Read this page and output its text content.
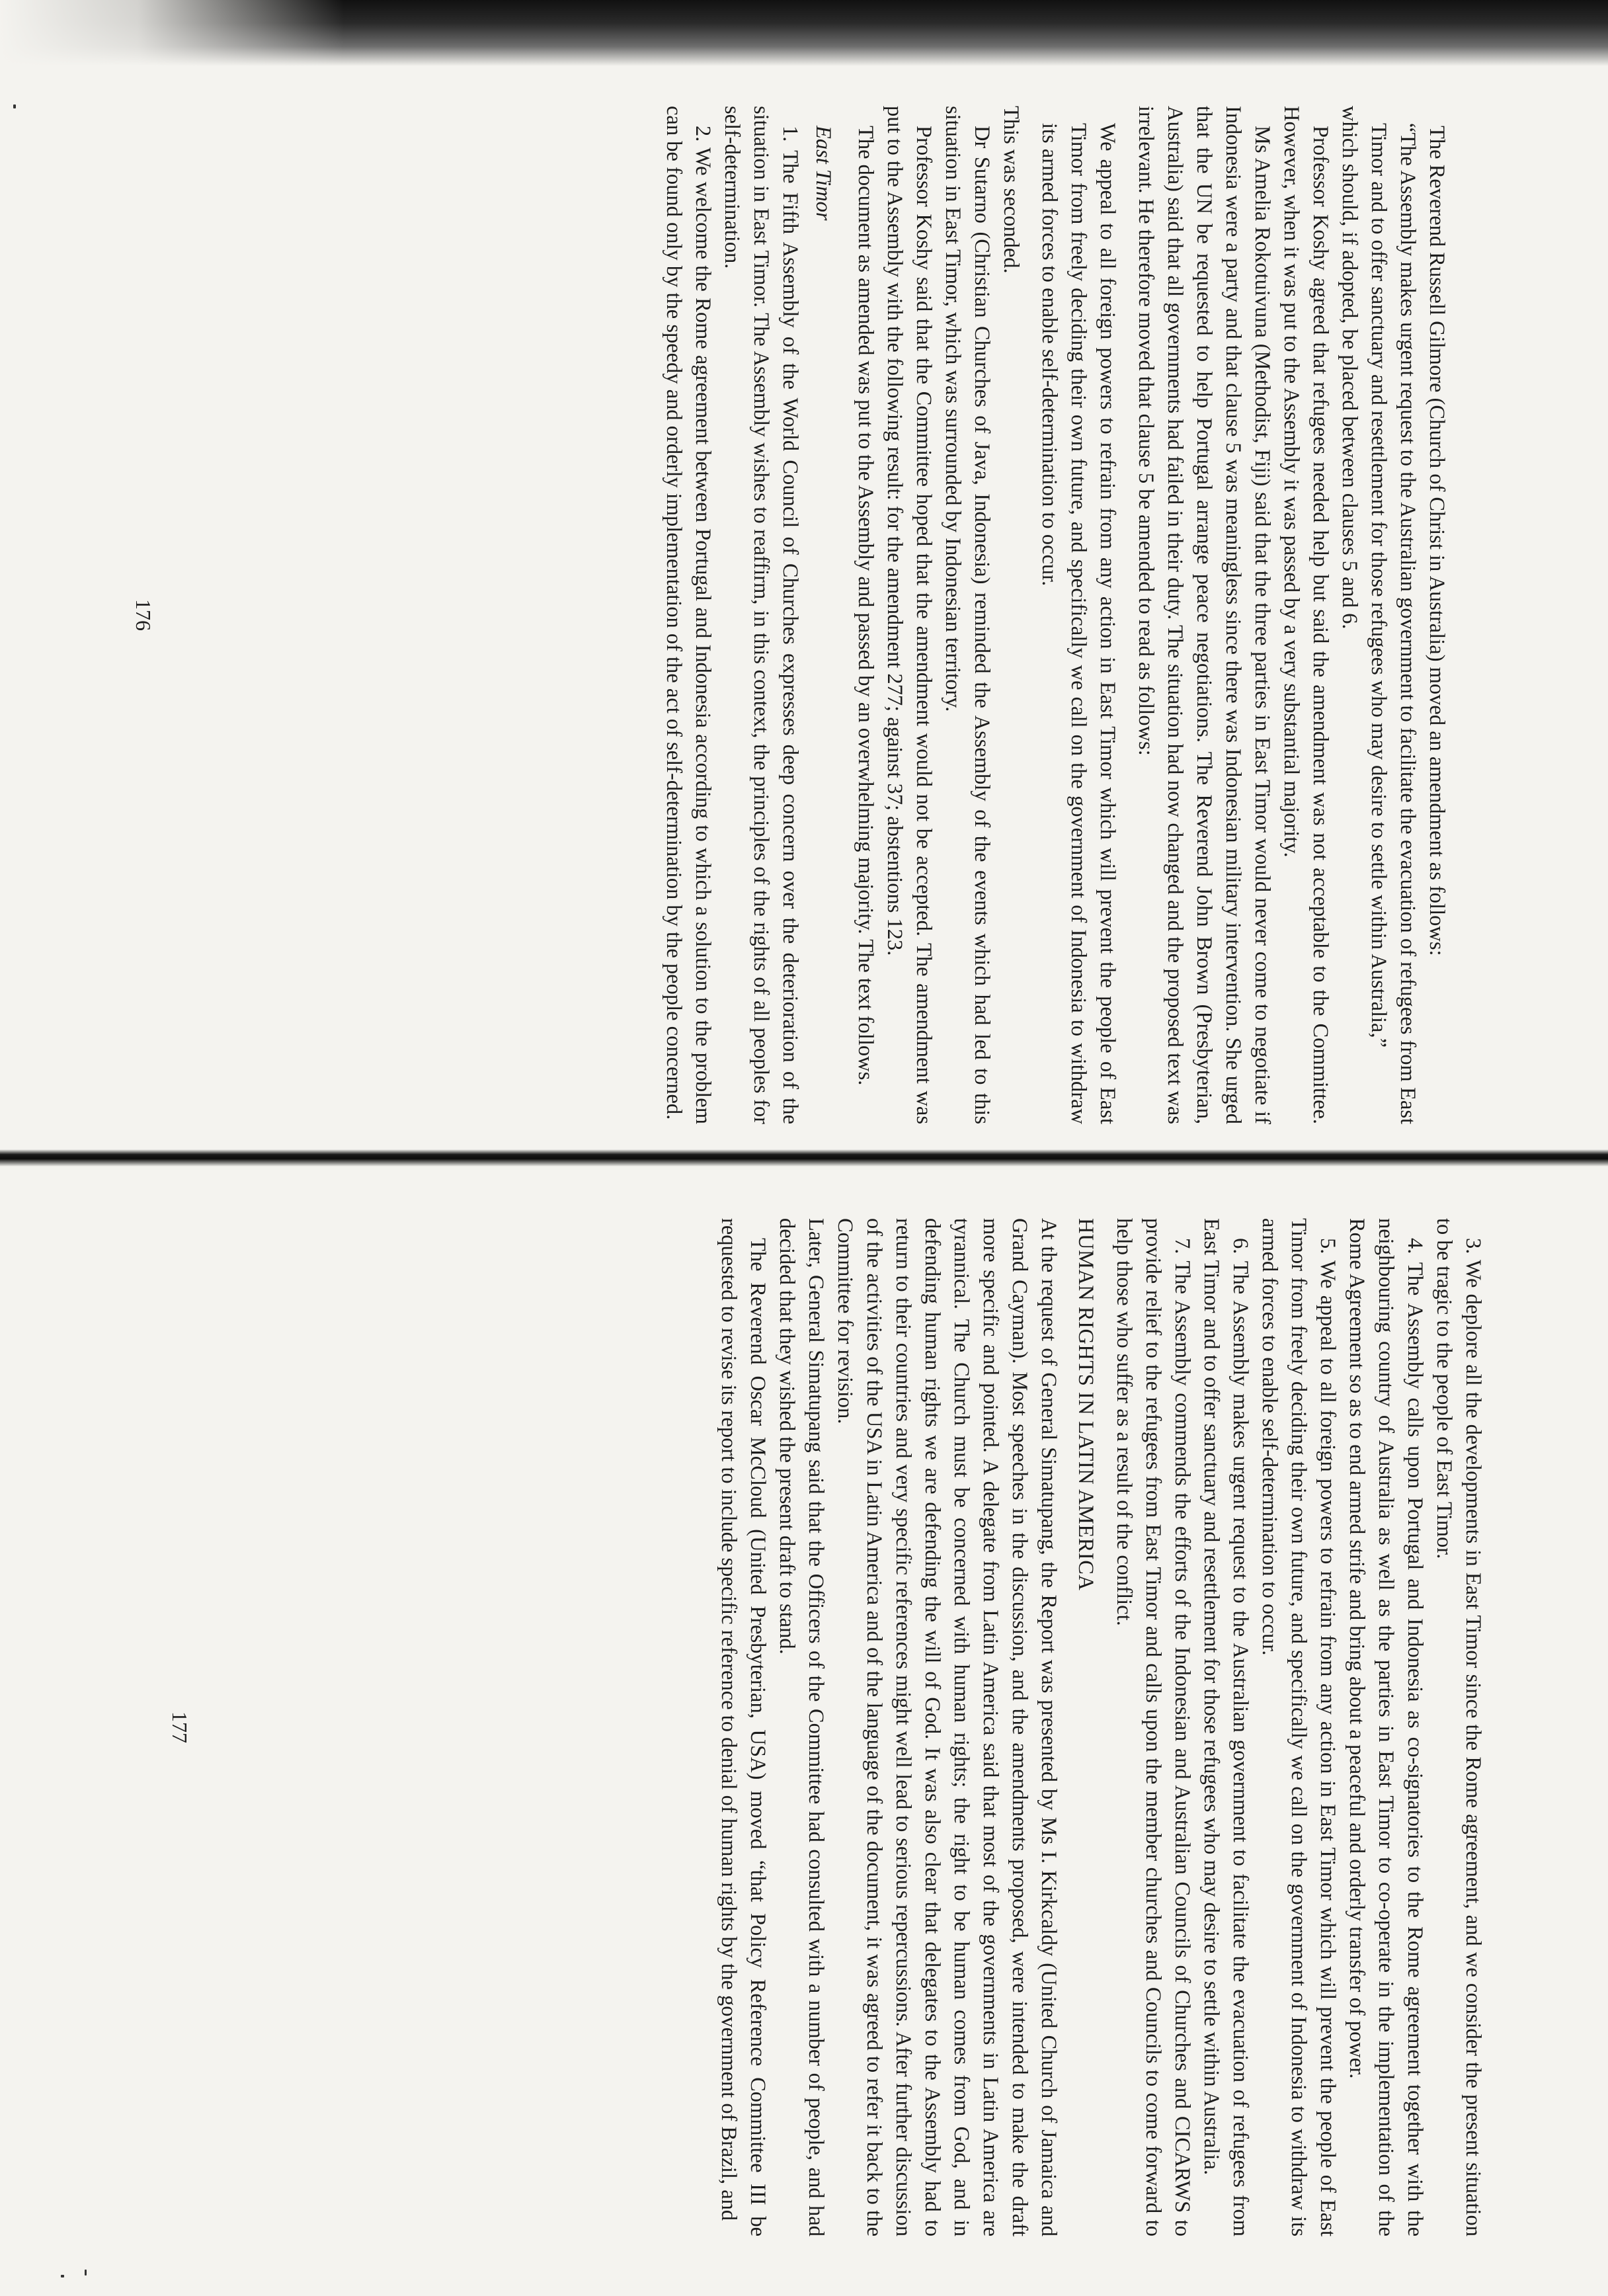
The Reverend Russell Gilmore (Church of Christ in Australia) moved an amendment as follows:

“The Assembly makes urgent request to the Australian government to facilitate the evacuation of refugees from East Timor and to offer sanctuary and resettlement for those refugees who may desire to settle within Australia,”

which should, if adopted, be placed between clauses 5 and 6.

Professor Koshy agreed that refugees needed help but said the amendment was not acceptable to the Committee. However, when it was put to the Assembly it was passed by a very substantial majority.

Ms Amelia Rokotuivuna (Methodist, Fiji) said that the three parties in East Timor would never come to negotiate if Indonesia were a party and that clause 5 was meaningless since there was Indonesian military intervention. She urged that the UN be requested to help Portugal arrange peace negotiations. The Reverend John Brown (Presbyterian, Australia) said that all governments had failed in their duty. The situation had now changed and the proposed text was irrelevant. He therefore moved that clause 5 be amended to read as follows:

We appeal to all foreign powers to refrain from any action in East Timor which will prevent the people of East Timor from freely deciding their own future, and specifically we call on the government of Indonesia to withdraw its armed forces to enable self-determination to occur.

This was seconded.

Dr Sutarno (Christian Churches of Java, Indonesia) reminded the Assembly of the events which had led to this situation in East Timor, which was surrounded by Indonesian territory.

Professor Koshy said that the Committee hoped that the amendment would not be accepted. The amendment was put to the Assembly with the following result: for the amendment 277; against 37; abstentions 123.

The document as amended was put to the Assembly and passed by an overwhelming majority. The text follows.

East Timor

1. The Fifth Assembly of the World Council of Churches expresses deep concern over the deterioration of the situation in East Timor. The Assembly wishes to reaffirm, in this context, the principles of the rights of all peoples for self-determination.

2. We welcome the Rome agreement between Portugal and Indonesia according to which a solution to the problem can be found only by the speedy and orderly implementation of the act of self-determination by the people concerned.

176

3. We deplore all the developments in East Timor since the Rome agreement, and we consider the present situation to be tragic to the people of East Timor.

4. The Assembly calls upon Portugal and Indonesia as co-signatories to the Rome agreement together with the neighbouring country of Australia as well as the parties in East Timor to co-operate in the implementation of the Rome Agreement so as to end armed strife and bring about a peaceful and orderly transfer of power.

5. We appeal to all foreign powers to refrain from any action in East Timor which will prevent the people of East Timor from freely deciding their own future, and specifically we call on the government of Indonesia to withdraw its armed forces to enable self-determination to occur.

6. The Assembly makes urgent request to the Australian government to facilitate the evacuation of refugees from East Timor and to offer sanctuary and resettlement for those refugees who may desire to settle within Australia.

7. The Assembly commends the efforts of the Indonesian and Australian Councils of Churches and CICARWS to provide relief to the refugees from East Timor and calls upon the member churches and Councils to come forward to help those who suffer as a result of the conflict.

HUMAN RIGHTS IN LATIN AMERICA

At the request of General Simatupang, the Report was presented by Ms I. Kirkcaldy (United Church of Jamaica and Grand Cayman). Most speeches in the discussion, and the amendments proposed, were intended to make the draft more specific and pointed. A delegate from Latin America said that most of the governments in Latin America are tyrannical. The Church must be concerned with human rights; the right to be human comes from God, and in defending human rights we are defending the will of God. It was also clear that delegates to the Assembly had to return to their countries and very specific references might well lead to serious repercussions. After further discussion of the activities of the USA in Latin America and of the language of the document, it was agreed to refer it back to the Committee for revision.

Later, General Simatupang said that the Officers of the Committee had consulted with a number of people, and had decided that they wished the present draft to stand.

The Reverend Oscar McCloud (United Presbyterian, USA) moved “that Policy Reference Committee III be requested to revise its report to include specific reference to denial of human rights by the government of Brazil, and

177
